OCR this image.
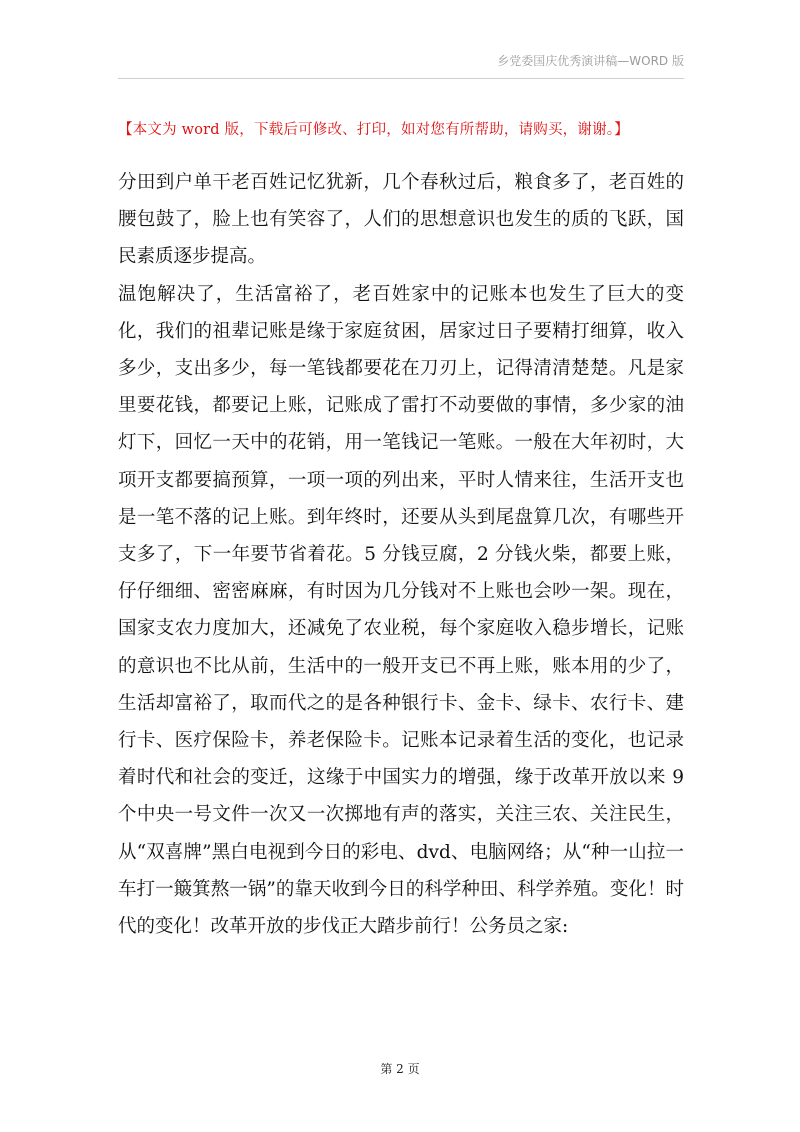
乡党委国庆优秀演讲稿—WORD 版
【本文为 word 版，下载后可修改、打印，如对您有所帮助，请购买，谢谢。】

分田到户单干老百姓记忆犹新，几个春秋过后，粮食多了，老百姓的腰包鼓了，脸上也有笑容了，人们的思想意识也发生的质的飞跃，国民素质逐步提高。

温饱解决了，生活富裕了，老百姓家中的记账本也发生了巨大的变化，我们的祖辈记账是缘于家庭贫困，居家过日子要精打细算，收入多少，支出多少，每一笔钱都要花在刀刃上，记得清清楚楚。凡是家里要花钱，都要记上账，记账成了雷打不动要做的事情，多少家的油灯下，回忆一天中的花销，用一笔钱记一笔账。一般在大年初时，大项开支都要搞预算，一项一项的列出来，平时人情来往，生活开支也是一笔不落的记上账。到年终时，还要从头到尾盘算几次，有哪些开支多了，下一年要节省着花。5 分钱豆腐，2 分钱火柴，都要上账，仔仔细细、密密麻麻，有时因为几分钱对不上账也会吵一架。现在，国家支农力度加大，还减免了农业税，每个家庭收入稳步增长，记账的意识也不比从前，生活中的一般开支已不再上账，账本用的少了，生活却富裕了，取而代之的是各种银行卡、金卡、绿卡、农行卡、建行卡、医疗保险卡，养老保险卡。记账本记录着生活的变化，也记录着时代和社会的变迁，这缘于中国实力的增强，缘于改革开放以来 9 个中央一号文件一次又一次掷地有声的落实，关注三农、关注民生，从“双喜牌”黑白电视到今日的彩电、dvd、电脑网络；从“种一山拉一车打一簸箕熬一锅”的靠天收到今日的科学种田、科学养殖。变化！时代的变化！改革开放的步伐正大踏步前行！公务员之家:

第 2 页
